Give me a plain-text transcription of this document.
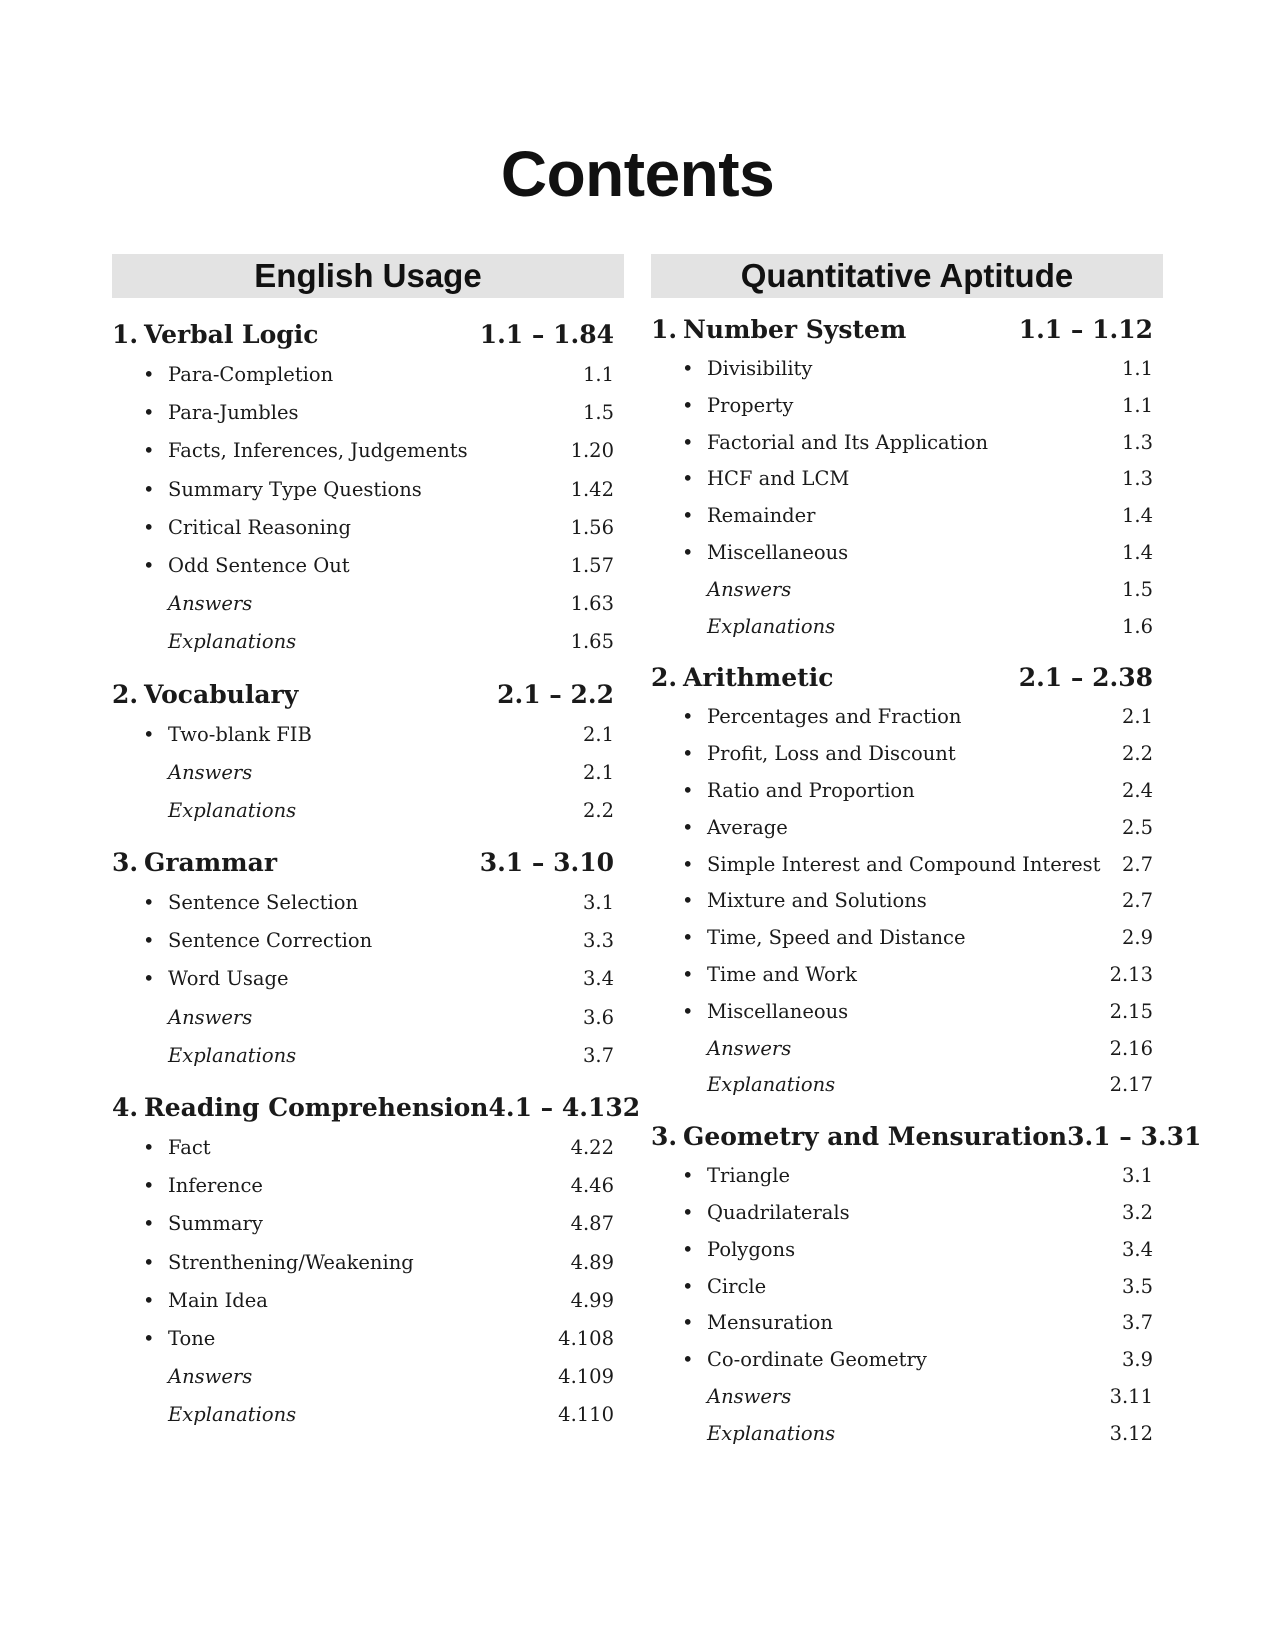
Contents
English Usage
1. Verbal Logic	1.1 – 1.84
• Para-Completion	1.1
• Para-Jumbles	1.5
• Facts, Inferences, Judgements	1.20
• Summary Type Questions	1.42
• Critical Reasoning	1.56
• Odd Sentence Out	1.57
Answers	1.63
Explanations	1.65
2. Vocabulary	2.1 – 2.2
• Two-blank FIB	2.1
Answers	2.1
Explanations	2.2
3. Grammar	3.1 – 3.10
• Sentence Selection	3.1
• Sentence Correction	3.3
• Word Usage	3.4
Answers	3.6
Explanations	3.7
4. Reading Comprehension 4.1 – 4.132
• Fact	4.22
• Inference	4.46
• Summary	4.87
• Strenthening/Weakening	4.89
• Main Idea	4.99
• Tone	4.108
Answers	4.109
Explanations	4.110
Quantitative Aptitude
1. Number System	1.1 – 1.12
• Divisibility	1.1
• Property	1.1
• Factorial and Its Application	1.3
• HCF and LCM	1.3
• Remainder	1.4
• Miscellaneous	1.4
Answers	1.5
Explanations	1.6
2. Arithmetic	2.1 – 2.38
• Percentages and Fraction	2.1
• Profit, Loss and Discount	2.2
• Ratio and Proportion	2.4
• Average	2.5
• Simple Interest and Compound Interest	2.7
• Mixture and Solutions	2.7
• Time, Speed and Distance	2.9
• Time and Work	2.13
• Miscellaneous	2.15
Answers	2.16
Explanations	2.17
3. Geometry and Mensuration 3.1 – 3.31
• Triangle	3.1
• Quadrilaterals	3.2
• Polygons	3.4
• Circle	3.5
• Mensuration	3.7
• Co-ordinate Geometry	3.9
Answers	3.11
Explanations	3.12
